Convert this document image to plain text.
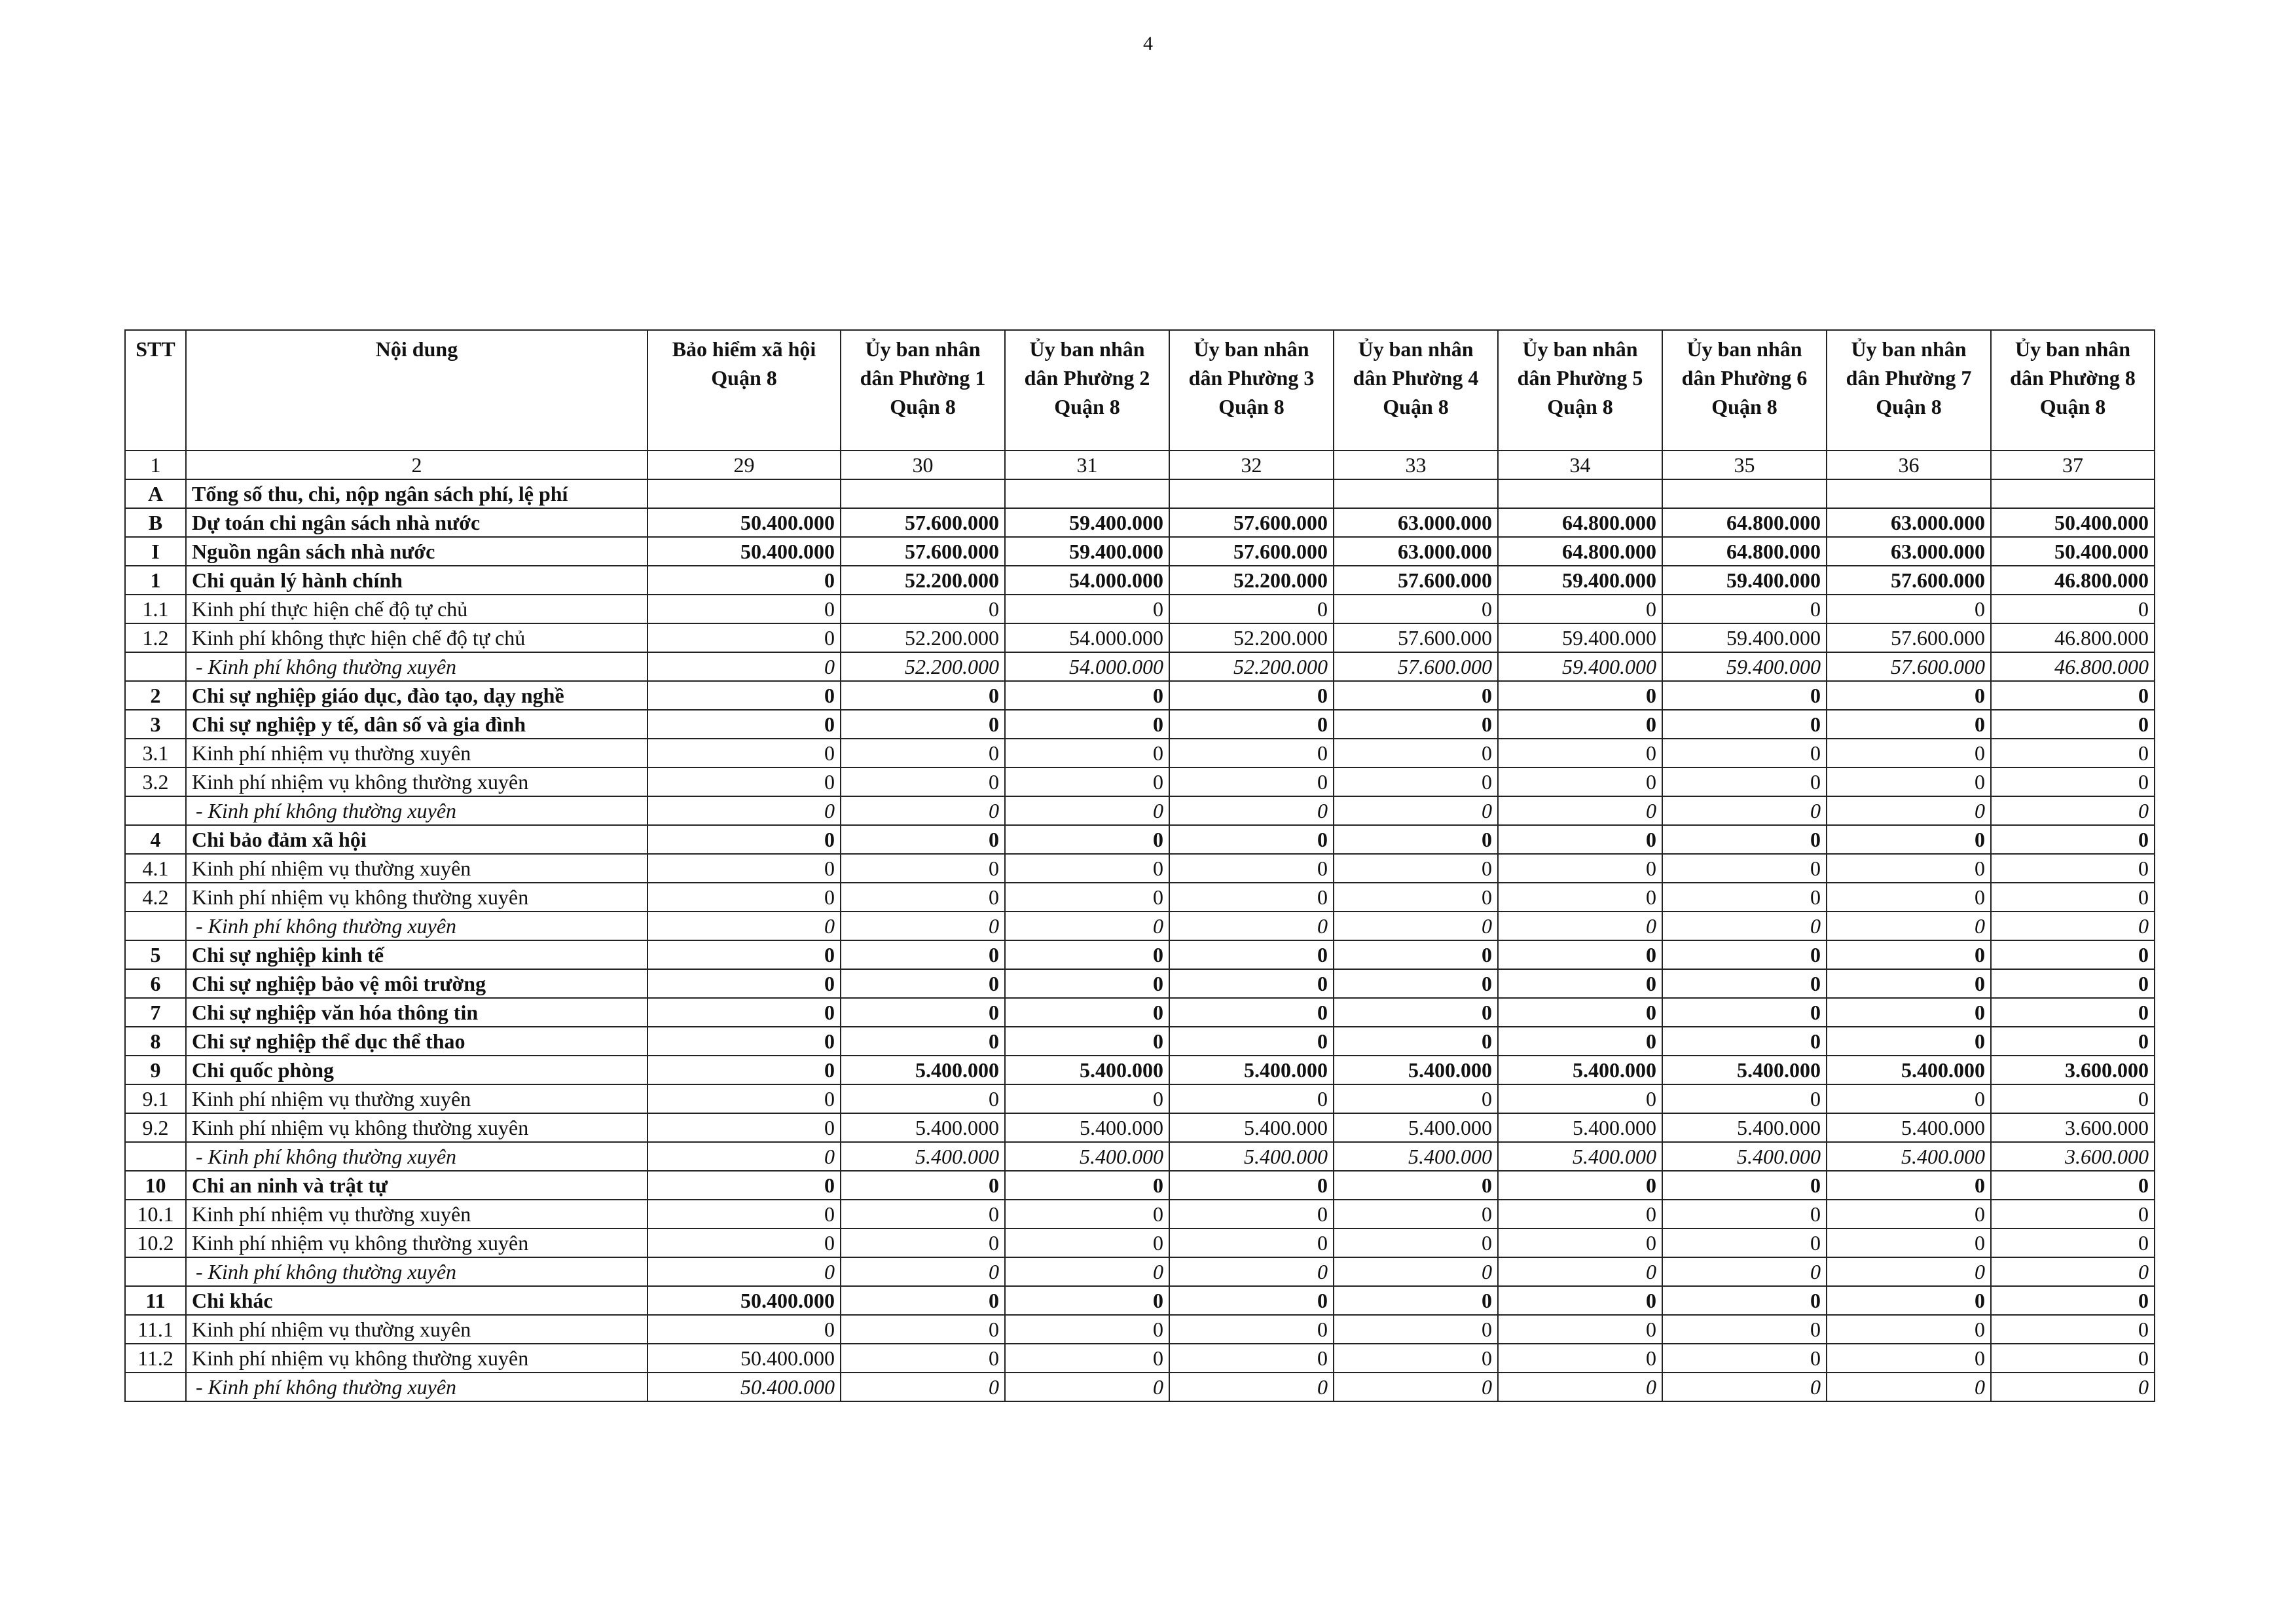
4
STT	Nội dung	Bảo hiểm xã hội Quận 8	Ủy ban nhân dân Phường 1 Quận 8	Ủy ban nhân dân Phường 2 Quận 8	Ủy ban nhân dân Phường 3 Quận 8	Ủy ban nhân dân Phường 4 Quận 8	Ủy ban nhân dân Phường 5 Quận 8	Ủy ban nhân dân Phường 6 Quận 8	Ủy ban nhân dân Phường 7 Quận 8	Ủy ban nhân dân Phường 8 Quận 8
1	2	29	30	31	32	33	34	35	36	37
A	Tổng số thu, chi, nộp ngân sách phí, lệ phí									
B	Dự toán chi ngân sách nhà nước	50.400.000	57.600.000	59.400.000	57.600.000	63.000.000	64.800.000	64.800.000	63.000.000	50.400.000
I	Nguồn ngân sách nhà nước	50.400.000	57.600.000	59.400.000	57.600.000	63.000.000	64.800.000	64.800.000	63.000.000	50.400.000
1	Chi quản lý hành chính	0	52.200.000	54.000.000	52.200.000	57.600.000	59.400.000	59.400.000	57.600.000	46.800.000
1.1	Kinh phí thực hiện chế độ tự chủ	0	0	0	0	0	0	0	0	0
1.2	Kinh phí không thực hiện chế độ tự chủ	0	52.200.000	54.000.000	52.200.000	57.600.000	59.400.000	59.400.000	57.600.000	46.800.000
	- Kinh phí không thường xuyên	0	52.200.000	54.000.000	52.200.000	57.600.000	59.400.000	59.400.000	57.600.000	46.800.000
2	Chi sự nghiệp giáo dục, đào tạo, dạy nghề	0	0	0	0	0	0	0	0	0
3	Chi sự nghiệp y tế, dân số và gia đình	0	0	0	0	0	0	0	0	0
3.1	Kinh phí nhiệm vụ thường xuyên	0	0	0	0	0	0	0	0	0
3.2	Kinh phí nhiệm vụ không thường xuyên	0	0	0	0	0	0	0	0	0
	- Kinh phí không thường xuyên	0	0	0	0	0	0	0	0	0
4	Chi bảo đảm xã hội	0	0	0	0	0	0	0	0	0
4.1	Kinh phí nhiệm vụ thường xuyên	0	0	0	0	0	0	0	0	0
4.2	Kinh phí nhiệm vụ không thường xuyên	0	0	0	0	0	0	0	0	0
	- Kinh phí không thường xuyên	0	0	0	0	0	0	0	0	0
5	Chi sự nghiệp kinh tế	0	0	0	0	0	0	0	0	0
6	Chi sự nghiệp bảo vệ môi trường	0	0	0	0	0	0	0	0	0
7	Chi sự nghiệp văn hóa thông tin	0	0	0	0	0	0	0	0	0
8	Chi sự nghiệp thể dục thể thao	0	0	0	0	0	0	0	0	0
9	Chi quốc phòng	0	5.400.000	5.400.000	5.400.000	5.400.000	5.400.000	5.400.000	5.400.000	3.600.000
9.1	Kinh phí nhiệm vụ thường xuyên	0	0	0	0	0	0	0	0	0
9.2	Kinh phí nhiệm vụ không thường xuyên	0	5.400.000	5.400.000	5.400.000	5.400.000	5.400.000	5.400.000	5.400.000	3.600.000
	- Kinh phí không thường xuyên	0	5.400.000	5.400.000	5.400.000	5.400.000	5.400.000	5.400.000	5.400.000	3.600.000
10	Chi an ninh và trật tự	0	0	0	0	0	0	0	0	0
10.1	Kinh phí nhiệm vụ thường xuyên	0	0	0	0	0	0	0	0	0
10.2	Kinh phí nhiệm vụ không thường xuyên	0	0	0	0	0	0	0	0	0
	- Kinh phí không thường xuyên	0	0	0	0	0	0	0	0	0
11	Chi khác	50.400.000	0	0	0	0	0	0	0	0
11.1	Kinh phí nhiệm vụ thường xuyên	0	0	0	0	0	0	0	0	0
11.2	Kinh phí nhiệm vụ không thường xuyên	50.400.000	0	0	0	0	0	0	0	0
	- Kinh phí không thường xuyên	50.400.000	0	0	0	0	0	0	0	0
